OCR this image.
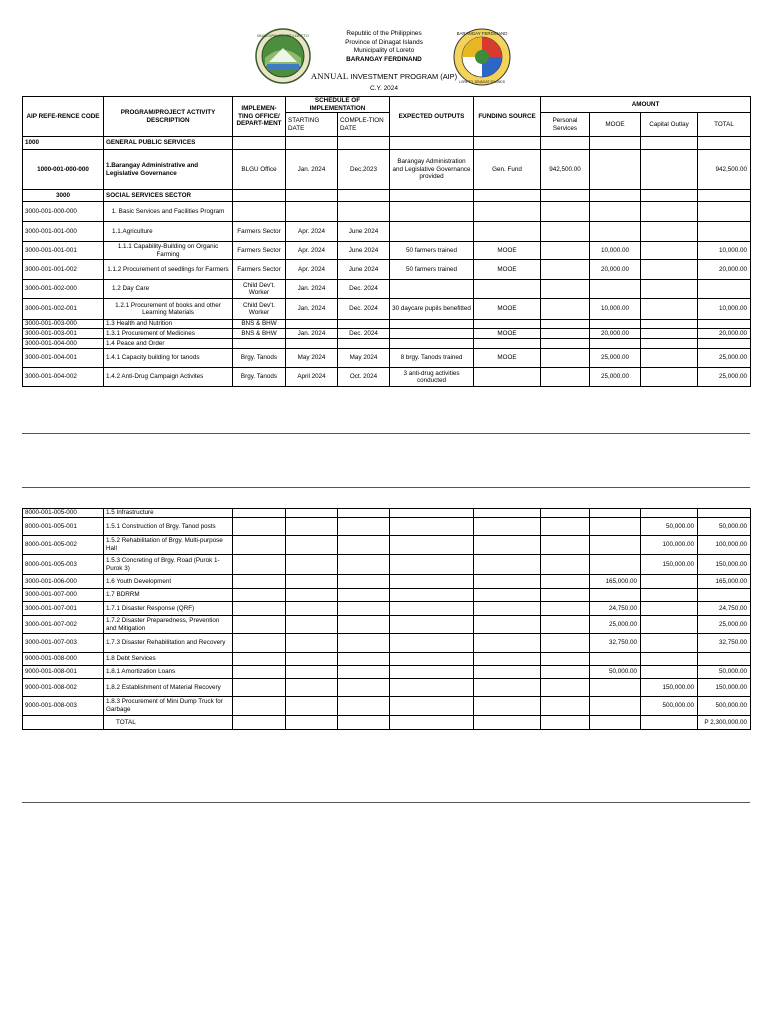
MUNICIPALITY OF LORETO	Republic of the Philippines
Province of Dinagat Islands
Municipality of Loreto
BARANGAY FERDINAND
BARANGAY FERDINAND
LORETO, DINAGAT ISLANDS
ANNUAL INVESTMENT PROGRAM (AIP)
C.Y. 2024
AIP REFE-RENCE CODE	PROGRAM/PROJECT ACTIVITY DESCRIPTION	IMPLEMEN-TING OFFICE/ DEPART-MENT	SCHEDULE OF IMPLEMENTATION		EXPECTED OUTPUTS	FUNDING SOURCE	AMOUNT			
			STARTING DATE	COMPLE-TION DATE			Personal Services	MOOE	Capital Outlay	TOTAL
1000	GENERAL PUBLIC SERVICES									
1000-001-000-000	1.Barangay Administrative and Legislative Governance	BLGU Office	Jan. 2024	Dec.2023	Barangay Administration and Legislative Governance provided	Gen. Fund	942,500.00			942,500.00
3000	SOCIAL SERVICES SECTOR									
3000-001-000-000	1. Basic Services and Facilities Program									
3000-001-001-000	1.1.Agriculture	Farmers Sector	Apr. 2024	June 2024						
3000-001-001-001	1.1.1 Capability-Building on Organic Farming	Farmers Sector	Apr. 2024	June 2024	50 farmers trained	MOOE		10,000.00		10,000.00
3000-001-001-002	1.1.2 Procurement of seedlings for Farmers	Farmers Sector	Apr. 2024	June 2024	50 farmers trained	MOOE		20,000.00		20,000.00
3000-001-002-000	1.2 Day Care	Child Dev't. Worker	Jan. 2024	Dec. 2024						
3000-001-002-001	1.2.1 Procurement of books and other Learning Materials	Child Dev't. Worker	Jan. 2024	Dec. 2024	30 daycare pupils benefitted	MOOE		10,000.00		10,000.00
3000-001-003-000	1.3 Health and Nutrition	BNS & BHW								
3000-001-003-001	1.3.1 Procurement of Medicines	BNS & BHW	Jan. 2024	Dec. 2024		MOOE		20,000.00		20,000.00
3000-001-004-000	1.4 Peace and Order									
3000-001-004-001	1.4.1 Capacity building for tanods	Brgy. Tanods	May 2024	May 2024	8 brgy. Tanods trained	MOOE		25,000.00		25,000.00
3000-001-004-002	1.4.2 Anti-Drug Campaign Activites	Brgy. Tanods	April 2024	Oct. 2024	3 anti-drug activities conducted			25,000.00		25,000.00
8000-001-005-000	1.5 Infrastructure									
8000-001-005-001	1.5.1 Construction of Brgy. Tanod posts								50,000.00	50,000.00
8000-001-005-002	1.5.2 Rehabilitation of Brgy. Multi-purpose Hall								100,000.00	100,000.00
8000-001-005-003	1.5.3 Concreting of Brgy. Road (Purok 1-Purok 3)								150,000.00	150,000.00
3000-001-006-000	1.6 Youth Development							165,000.00		165,000.00
3000-001-007-000	1.7 BDRRM									
3000-001-007-001	1.7.1 Disaster Response (QRF)							24,750.00		24,750.00
3000-001-007-002	1.7.2 Disaster Preparedness, Prevention and Mitigation							25,000.00		25,000.00
3000-001-007-003	1.7.3 Disaster Rehabilitation and Recovery							32,750.00		32,750.00
9000-001-008-000	1.8 Debt Services									
9000-001-008-001	1.8.1 Amortization Loans							50,000.00		50,000.00
9000-001-008-002	1.8.2 Establishment of Material Recovery								150,000.00	150,000.00
9000-001-008-003	1.8.3 Procurement of Mini Dump Truck for Garbage								500,000.00	500,000.00
	TOTAL									P 2,300,000.00
